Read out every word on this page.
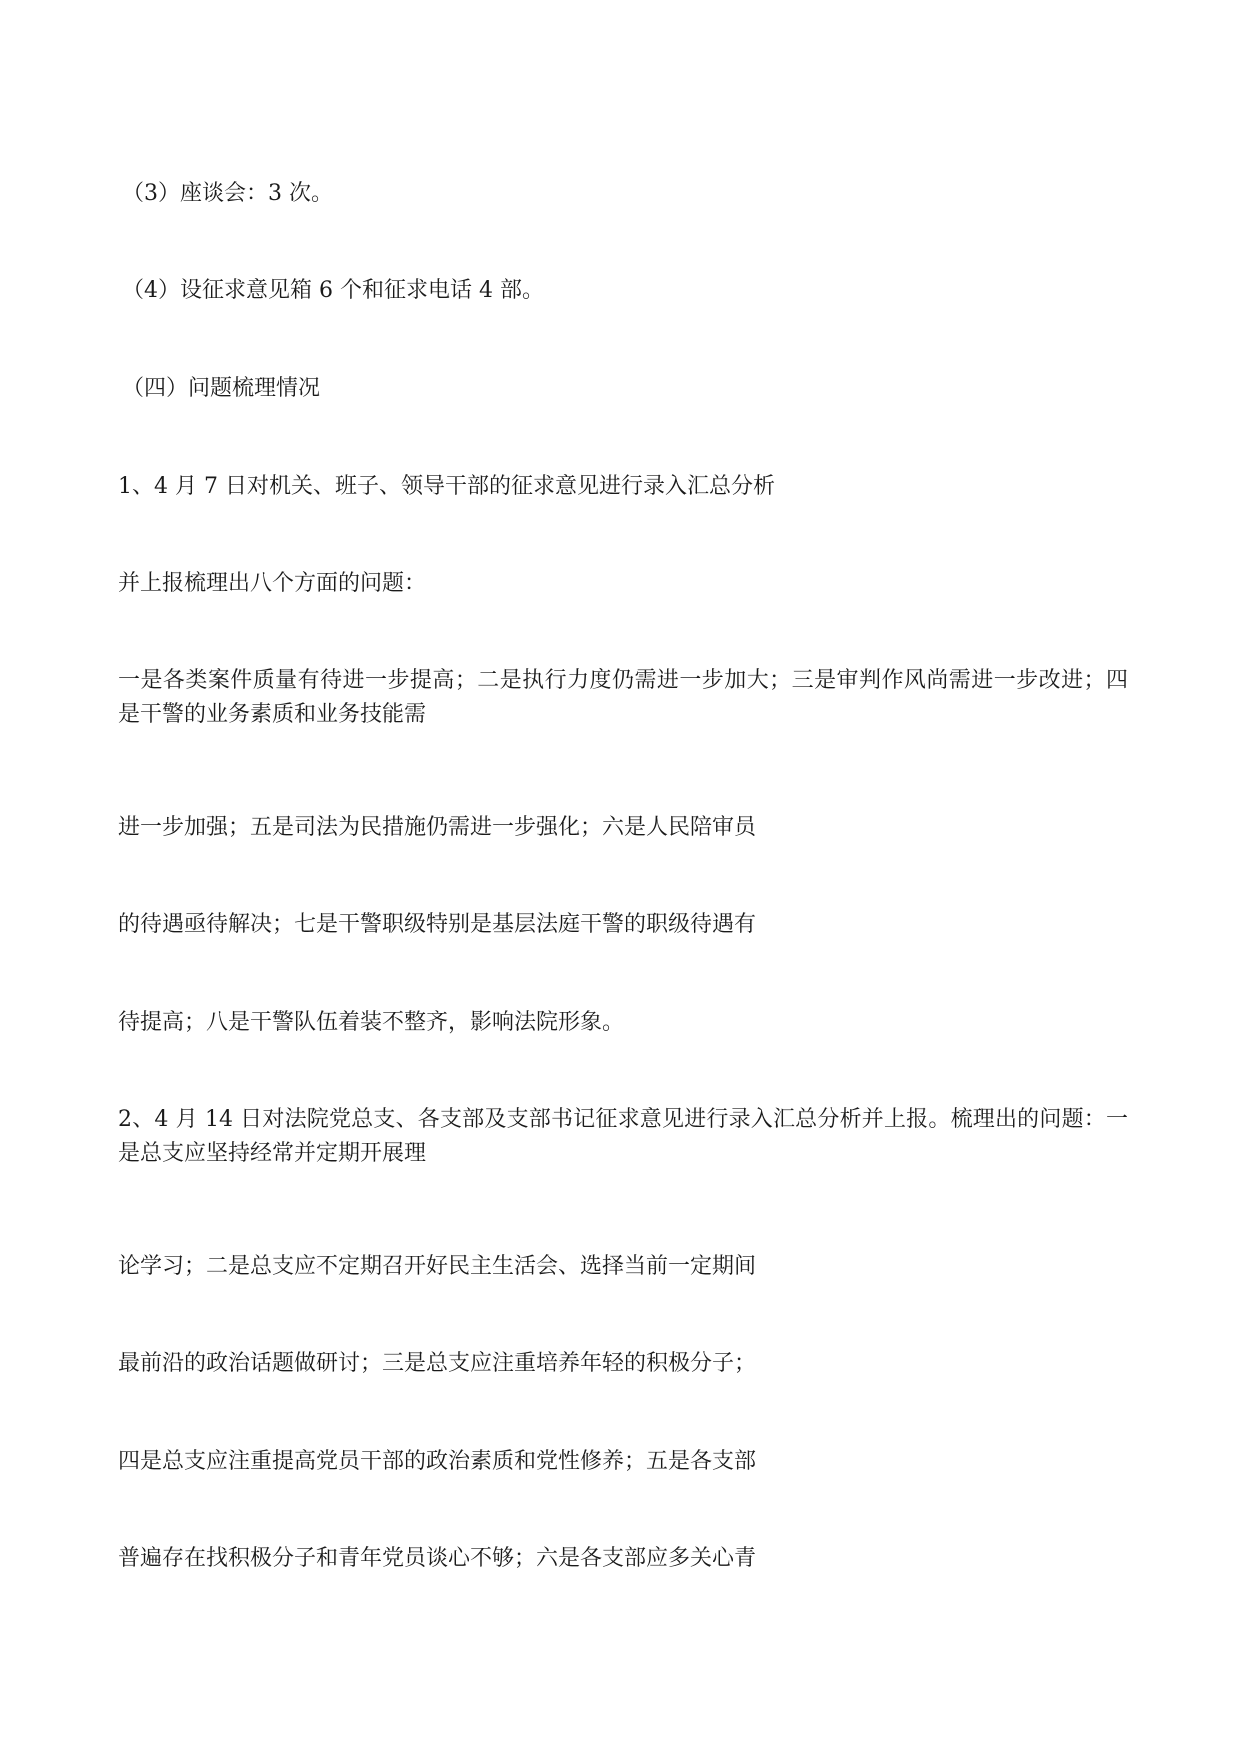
（3）座谈会：3 次。
（4）设征求意见箱 6 个和征求电话 4 部。
（四）问题梳理情况
1、4 月 7 日对机关、班子、领导干部的征求意见进行录入汇总分析
并上报梳理出八个方面的问题：
一是各类案件质量有待进一步提高；二是执行力度仍需进一步加大；三是审判作风尚需进一步改进；四是干警的业务素质和业务技能需
进一步加强；五是司法为民措施仍需进一步强化；六是人民陪审员
的待遇亟待解决；七是干警职级特别是基层法庭干警的职级待遇有
待提高；八是干警队伍着装不整齐，影响法院形象。
2、4 月 14 日对法院党总支、各支部及支部书记征求意见进行录入汇总分析并上报。梳理出的问题：一是总支应坚持经常并定期开展理
论学习；二是总支应不定期召开好民主生活会、选择当前一定期间
最前沿的政治话题做研讨；三是总支应注重培养年轻的积极分子；
四是总支应注重提高党员干部的政治素质和党性修养；五是各支部
普遍存在找积极分子和青年党员谈心不够；六是各支部应多关心青
